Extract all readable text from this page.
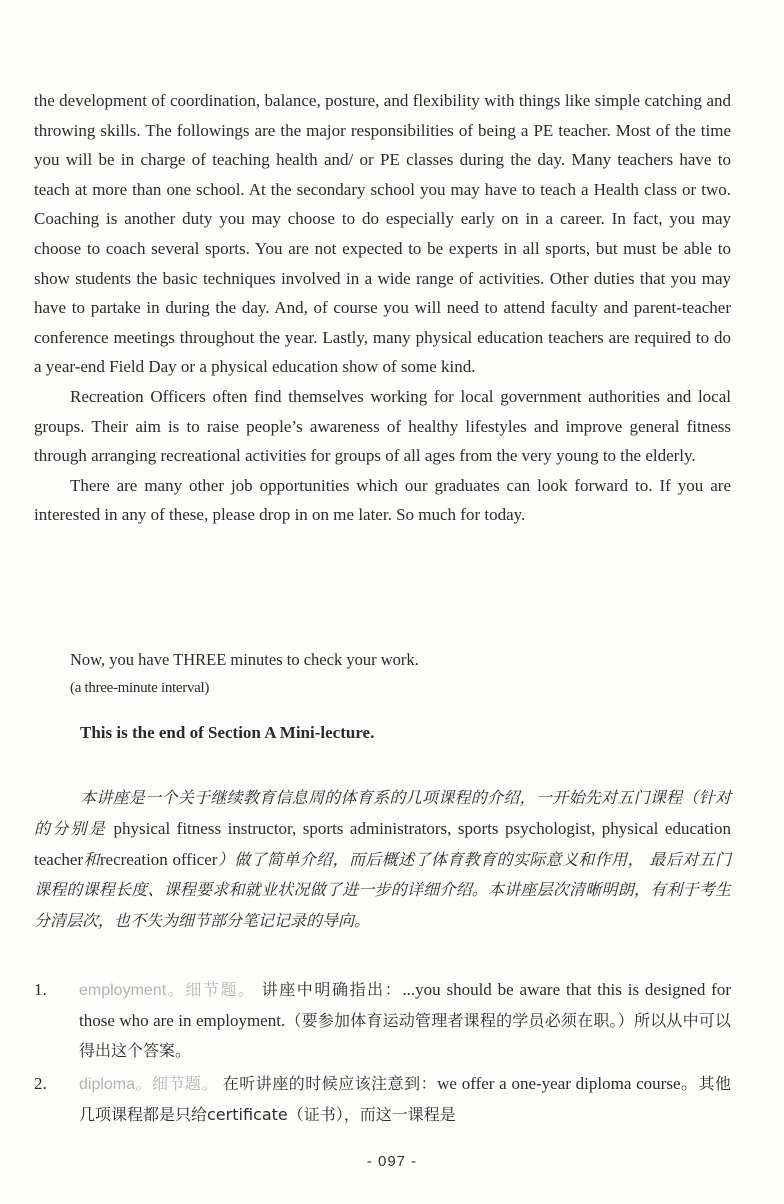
the development of coordination, balance, posture, and flexibility with things like simple catching and throwing skills. The followings are the major responsibilities of being a PE teacher. Most of the time you will be in charge of teaching health and/ or PE classes during the day. Many teachers have to teach at more than one school. At the secondary school you may have to teach a Health class or two. Coaching is another duty you may choose to do especially early on in a career. In fact, you may choose to coach several sports. You are not expected to be experts in all sports, but must be able to show students the basic techniques involved in a wide range of activities. Other duties that you may have to partake in during the day. And, of course you will need to attend faculty and parent-teacher conference meetings throughout the year. Lastly, many physical education teachers are required to do a year-end Field Day or a physical education show of some kind.

Recreation Officers often find themselves working for local government authorities and local groups. Their aim is to raise people’s awareness of healthy lifestyles and improve general fitness through arranging recreational activities for groups of all ages from the very young to the elderly.

There are many other job opportunities which our graduates can look forward to. If you are interested in any of these, please drop in on me later. So much for today.

Now, you have THREE minutes to check your work.
(a three-minute interval)
This is the end of Section A Mini-lecture.

本讲座是一个关于继续教育信息周的体育系的几项课程的介绍，一开始先对五门课程（针对的分别是 physical fitness instructor, sports administrators, sports psychologist, physical education teacher和recreation officer）做了简单介绍，而后概述了体育教育的实际意义和作用， 最后对五门课程的课程长度、课程要求和就业状况做了进一步的详细介绍。本讲座层次清晰明朗，有利于考生分清层次，也不失为细节部分笔记记录的导向。

1.	employment。细节题。 讲座中明确指出：...you should be aware that this is designed for those who are in employment.（要参加体育运动管理者课程的学员必须在职。）所以从中可以得出这个答案。
2.	diploma。细节题。 在听讲座的时候应该注意到：we offer a one-year diploma course。其他几项课程都是只给certificate（证书），而这一课程是
- 097 -
